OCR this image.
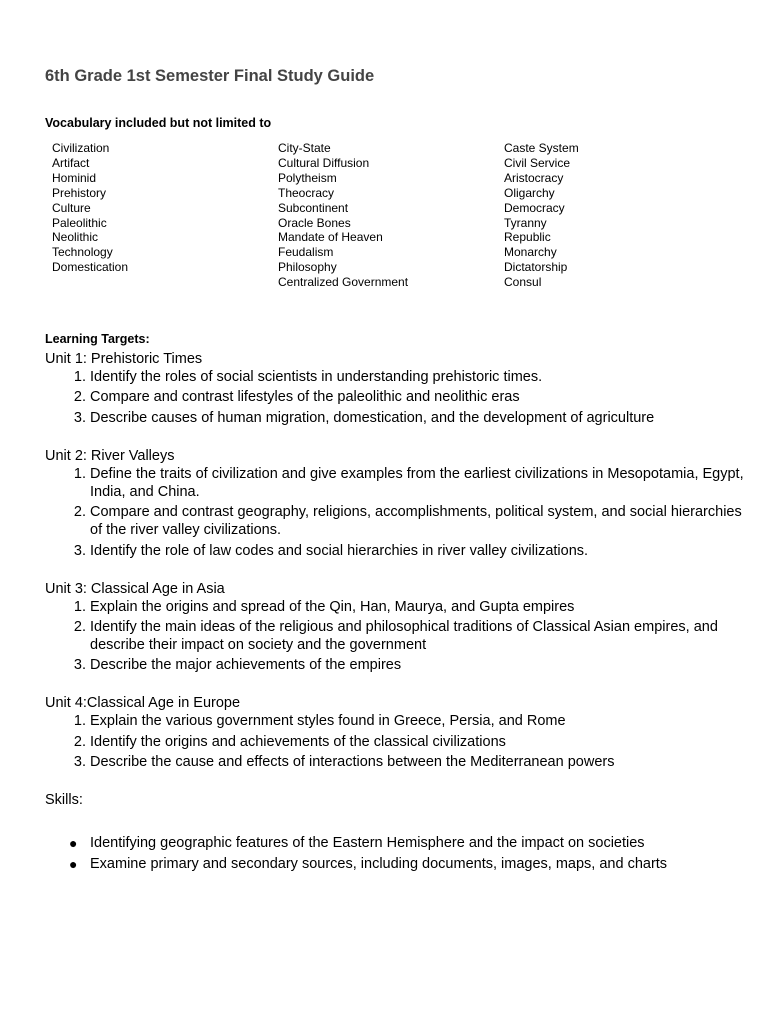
6th Grade 1st Semester Final Study Guide

Vocabulary included but not limited to

Civilization
Artifact
Hominid
Prehistory
Culture
Paleolithic
Neolithic
Technology
Domestication
City-State
Cultural Diffusion
Polytheism
Theocracy
Subcontinent
Oracle Bones
Mandate of Heaven
Feudalism
Philosophy
Centralized Government
Caste System
Civil Service
Aristocracy
Oligarchy
Democracy
Tyranny
Republic
Monarchy
Dictatorship
Consul

Learning Targets:

Unit 1: Prehistoric Times

1. Identify the roles of social scientists in understanding prehistoric times.
2. Compare and contrast lifestyles of the paleolithic and neolithic eras
3. Describe causes of human migration, domestication, and the development of agriculture

Unit 2: River Valleys

1. Define the traits of civilization and give examples from the earliest civilizations in Mesopotamia, Egypt, India, and China.
2. Compare and contrast geography, religions, accomplishments, political system, and social hierarchies of the river valley civilizations.
3. Identify the role of law codes and social hierarchies in river valley civilizations.

Unit 3: Classical Age in Asia

1. Explain the origins and spread of the Qin, Han, Maurya, and Gupta empires
2. Identify the main ideas of the religious and philosophical traditions of Classical Asian empires, and describe their impact on society and the government
3. Describe the major achievements of the empires

Unit 4:Classical Age in Europe

1. Explain the various government styles found in Greece, Persia, and Rome
2. Identify the origins and achievements of the classical civilizations
3. Describe the cause and effects of interactions between the Mediterranean powers

Skills:

● Identifying geographic features of the Eastern Hemisphere and the impact on societies
● Examine primary and secondary sources, including documents, images, maps, and charts
